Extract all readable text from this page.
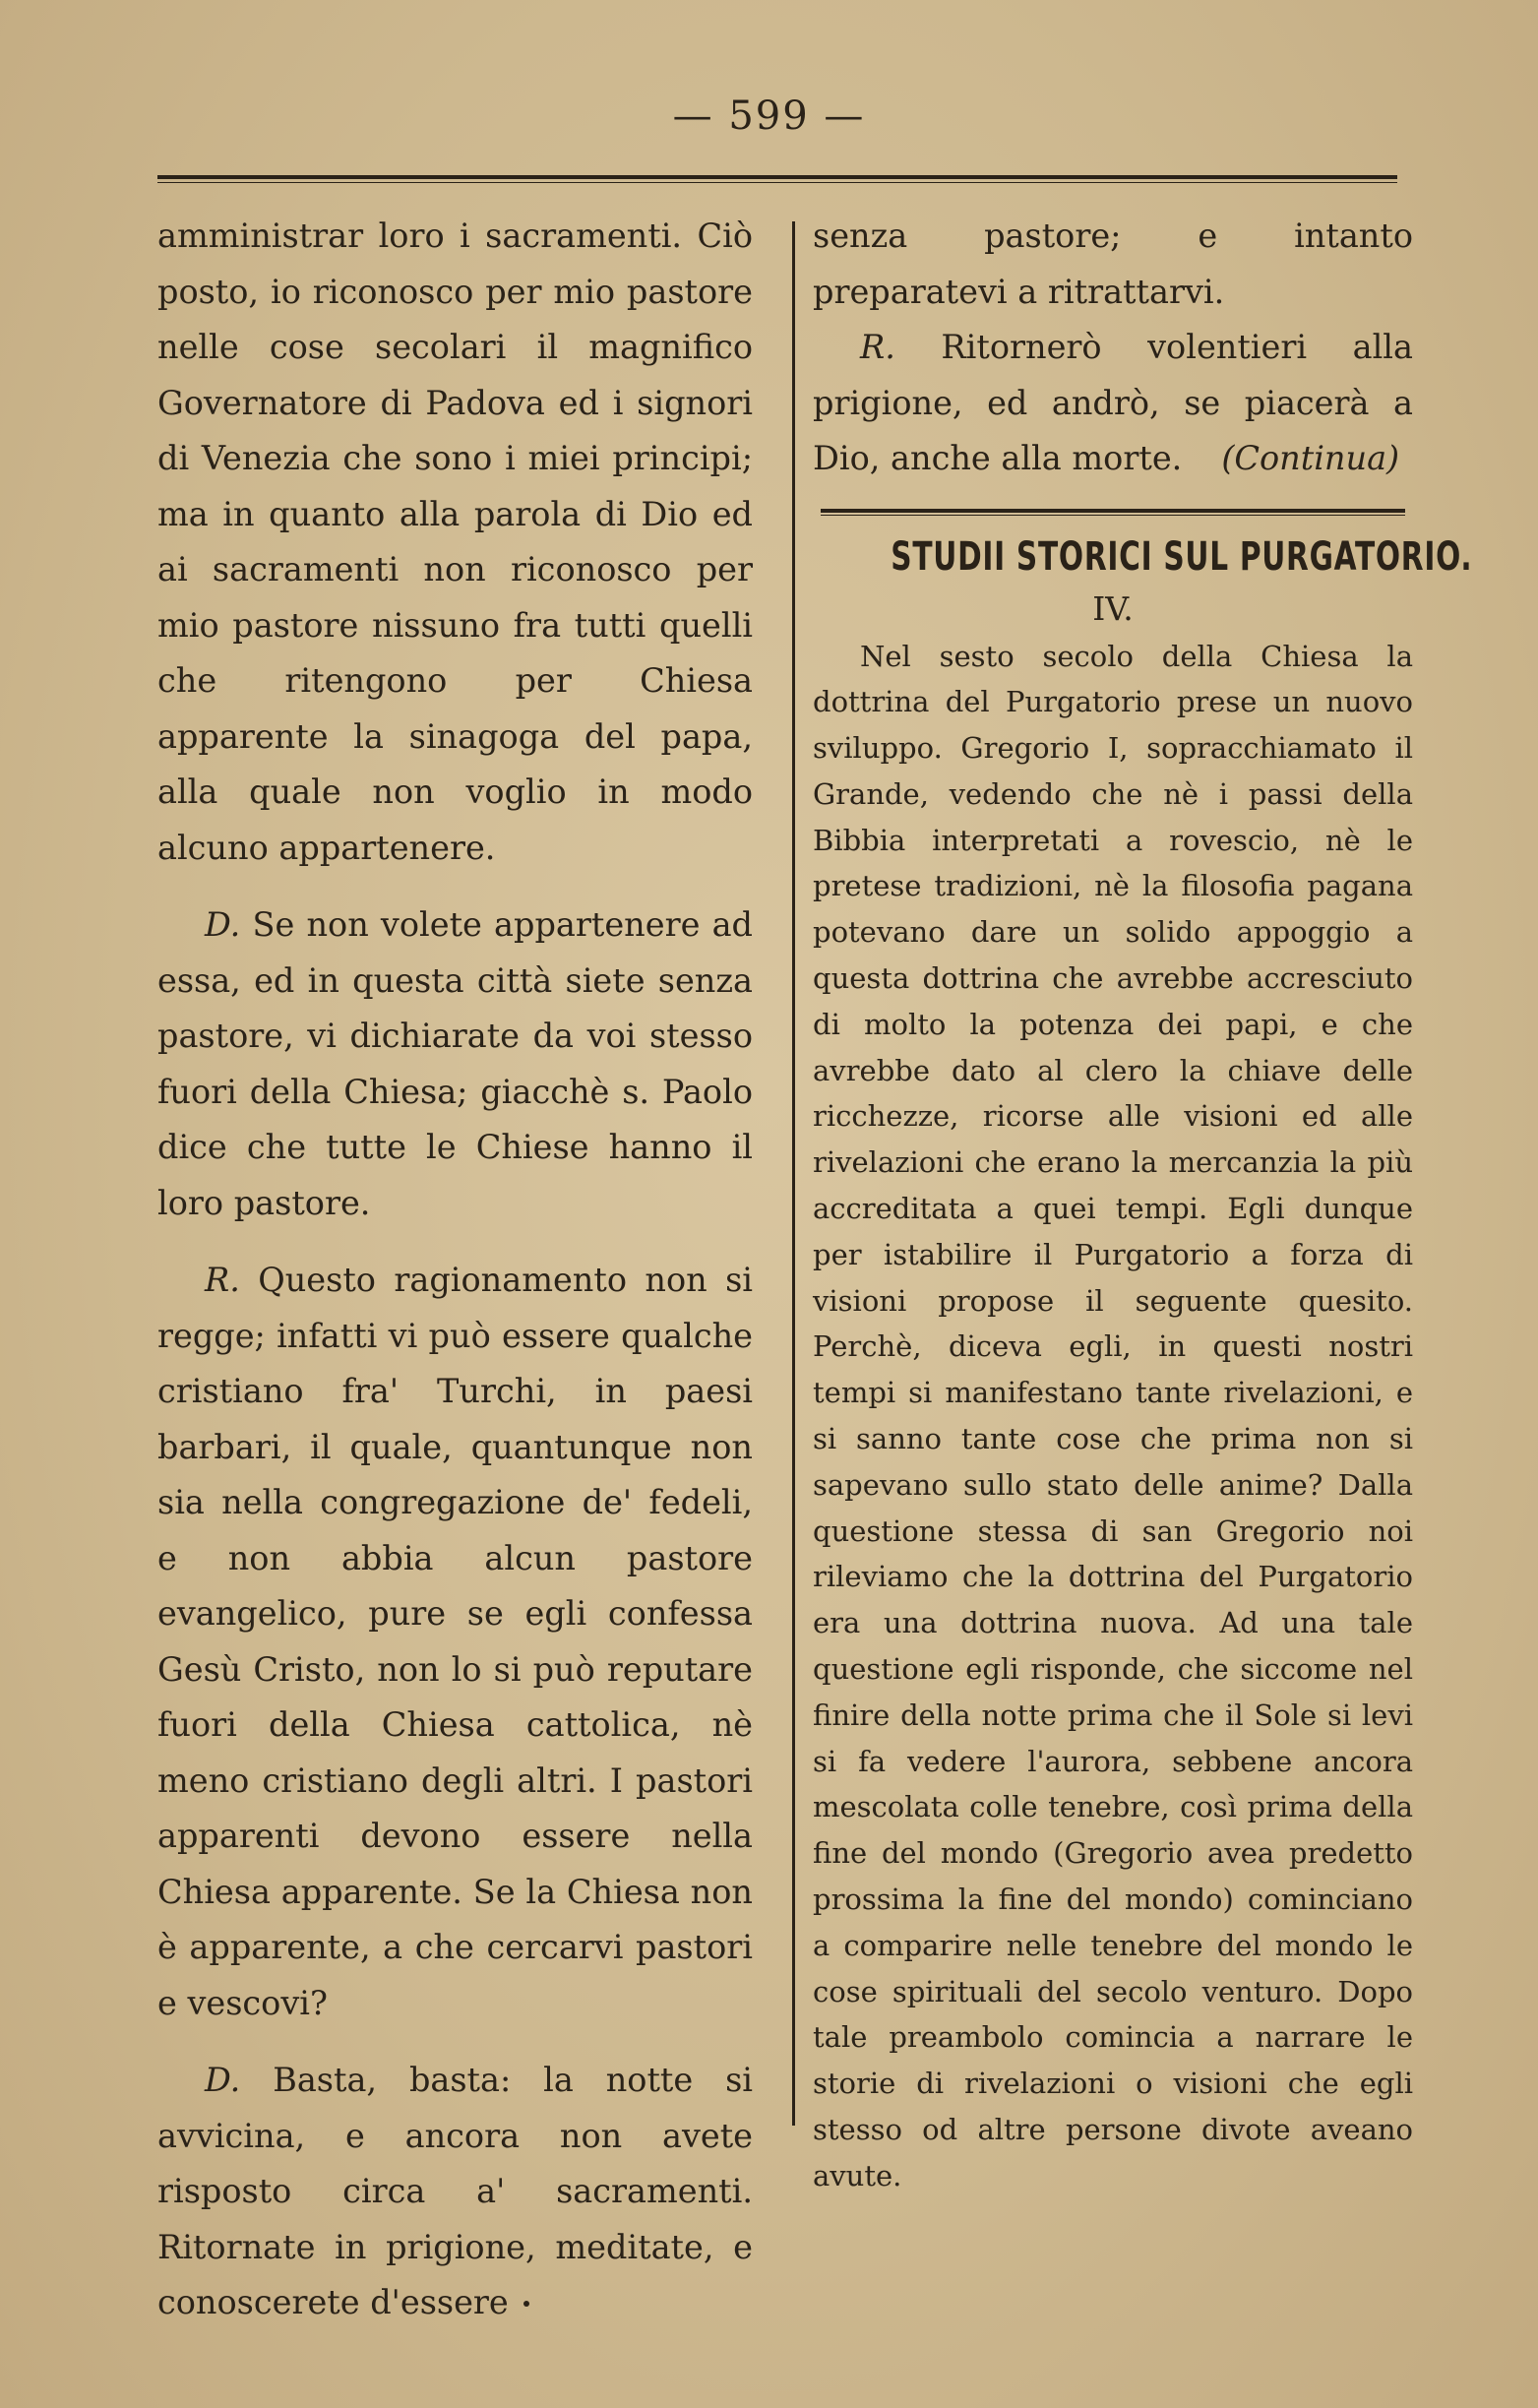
— 599 —

amministrar loro i sacramenti. Ciò posto, io riconosco per mio pastore nelle cose secolari il magnifico Governatore di Padova ed i signori di Venezia che sono i miei principi; ma in quanto alla parola di Dio ed ai sacramenti non riconosco per mio pastore nissuno fra tutti quelli che ritengono per Chiesa apparente la sinagoga del papa, alla quale non voglio in modo alcuno appartenere.

D. Se non volete appartenere ad essa, ed in questa città siete senza pastore, vi dichiarate da voi stesso fuori della Chiesa; giacchè s. Paolo dice che tutte le Chiese hanno il loro pastore.

R. Questo ragionamento non si regge; infatti vi può essere qualche cristiano fra' Turchi, in paesi barbari, il quale, quantunque non sia nella congregazione de' fedeli, e non abbia alcun pastore evangelico, pure se egli confessa Gesù Cristo, non lo si può reputare fuori della Chiesa cattolica, nè meno cristiano degli altri. I pastori apparenti devono essere nella Chiesa apparente. Se la Chiesa non è apparente, a che cercarvi pastori e vescovi?

D. Basta, basta: la notte si avvicina, e ancora non avete risposto circa a' sacramenti. Ritornate in prigione, meditate, e conoscerete d'essere

senza pastore; e intanto preparatevi a ritrattarvi.

R. Ritornerò volentieri alla prigione, ed andrò, se piacerà a Dio, anche alla morte. (Continua)

STUDII STORICI SUL PURGATORIO.
IV.

Nel sesto secolo della Chiesa la dottrina del Purgatorio prese un nuovo sviluppo. Gregorio I, sopracchiamato il Grande, vedendo che nè i passi della Bibbia interpretati a rovescio, nè le pretese tradizioni, nè la filosofia pagana potevano dare un solido appoggio a questa dottrina che avrebbe accresciuto di molto la potenza dei papi, e che avrebbe dato al clero la chiave delle ricchezze, ricorse alle visioni ed alle rivelazioni che erano la mercanzia la più accreditata a quei tempi. Egli dunque per istabilire il Purgatorio a forza di visioni propose il seguente quesito. Perchè, diceva egli, in questi nostri tempi si manifestano tante rivelazioni, e si sanno tante cose che prima non si sapevano sullo stato delle anime? Dalla questione stessa di san Gregorio noi rileviamo che la dottrina del Purgatorio era una dottrina nuova. Ad una tale questione egli risponde, che siccome nel finire della notte prima che il Sole si levi si fa vedere l'aurora, sebbene ancora mescolata colle tenebre, così prima della fine del mondo (Gregorio avea predetto prossima la fine del mondo) cominciano a comparire nelle tenebre del mondo le cose spirituali del secolo venturo. Dopo tale preambolo comincia a narrare le storie di rivelazioni o visioni che egli stesso od altre persone divote aveano avute.
